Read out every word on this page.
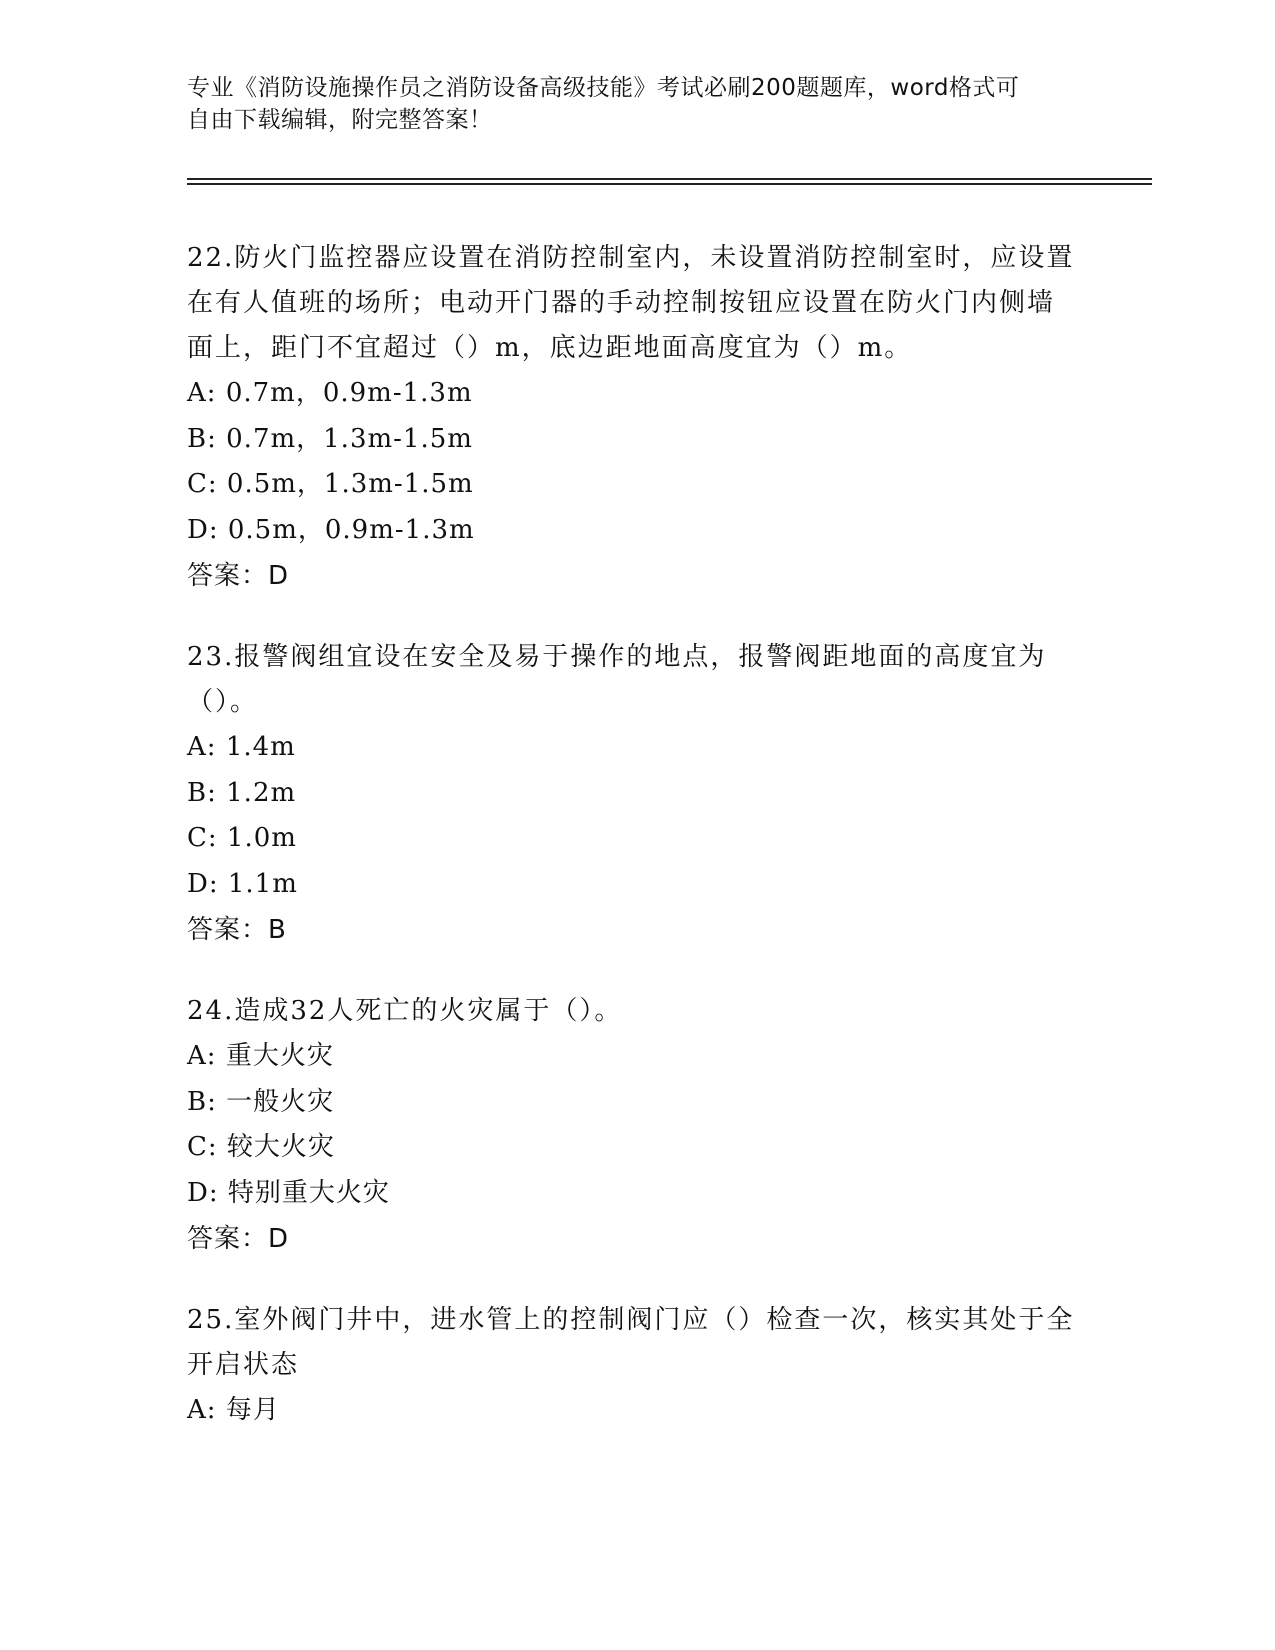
专业《消防设施操作员之消防设备高级技能》考试必刷200题题库，word格式可
自由下载编辑，附完整答案！
22.防火门监控器应设置在消防控制室内，未设置消防控制室时，应设置在有人值班的场所；电动开门器的手动控制按钮应设置在防火门内侧墙面上，距门不宜超过（）m，底边距地面高度宜为（）m。
A: 0.7m，0.9m-1.3m
B: 0.7m，1.3m-1.5m
C: 0.5m，1.3m-1.5m
D: 0.5m，0.9m-1.3m
答案：D
23.报警阀组宜设在安全及易于操作的地点，报警阀距地面的高度宜为（）。
A: 1.4m
B: 1.2m
C: 1.0m
D: 1.1m
答案：B
24.造成32人死亡的火灾属于（）。
A: 重大火灾
B: 一般火灾
C: 较大火灾
D: 特别重大火灾
答案：D
25.室外阀门井中，进水管上的控制阀门应（）检查一次，核实其处于全开启状态
A: 每月
